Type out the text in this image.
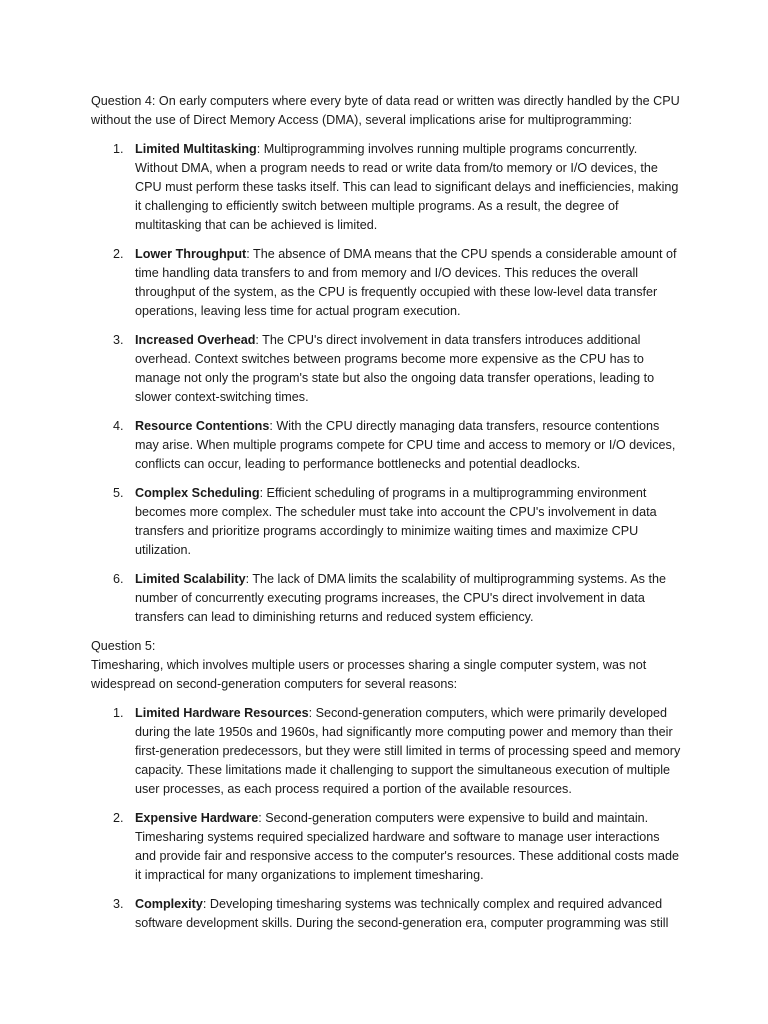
Question 4: On early computers where every byte of data read or written was directly handled by the CPU without the use of Direct Memory Access (DMA), several implications arise for multiprogramming:

1. Limited Multitasking: Multiprogramming involves running multiple programs concurrently. Without DMA, when a program needs to read or write data from/to memory or I/O devices, the CPU must perform these tasks itself. This can lead to significant delays and inefficiencies, making it challenging to efficiently switch between multiple programs. As a result, the degree of multitasking that can be achieved is limited.
2. Lower Throughput: The absence of DMA means that the CPU spends a considerable amount of time handling data transfers to and from memory and I/O devices. This reduces the overall throughput of the system, as the CPU is frequently occupied with these low-level data transfer operations, leaving less time for actual program execution.
3. Increased Overhead: The CPU's direct involvement in data transfers introduces additional overhead. Context switches between programs become more expensive as the CPU has to manage not only the program's state but also the ongoing data transfer operations, leading to slower context-switching times.
4. Resource Contentions: With the CPU directly managing data transfers, resource contentions may arise. When multiple programs compete for CPU time and access to memory or I/O devices, conflicts can occur, leading to performance bottlenecks and potential deadlocks.
5. Complex Scheduling: Efficient scheduling of programs in a multiprogramming environment becomes more complex. The scheduler must take into account the CPU's involvement in data transfers and prioritize programs accordingly to minimize waiting times and maximize CPU utilization.
6. Limited Scalability: The lack of DMA limits the scalability of multiprogramming systems. As the number of concurrently executing programs increases, the CPU's direct involvement in data transfers can lead to diminishing returns and reduced system efficiency.

Question 5:

Timesharing, which involves multiple users or processes sharing a single computer system, was not widespread on second-generation computers for several reasons:

1. Limited Hardware Resources: Second-generation computers, which were primarily developed during the late 1950s and 1960s, had significantly more computing power and memory than their first-generation predecessors, but they were still limited in terms of processing speed and memory capacity. These limitations made it challenging to support the simultaneous execution of multiple user processes, as each process required a portion of the available resources.
2. Expensive Hardware: Second-generation computers were expensive to build and maintain. Timesharing systems required specialized hardware and software to manage user interactions and provide fair and responsive access to the computer's resources. These additional costs made it impractical for many organizations to implement timesharing.
3. Complexity: Developing timesharing systems was technically complex and required advanced software development skills. During the second-generation era, computer programming was still
